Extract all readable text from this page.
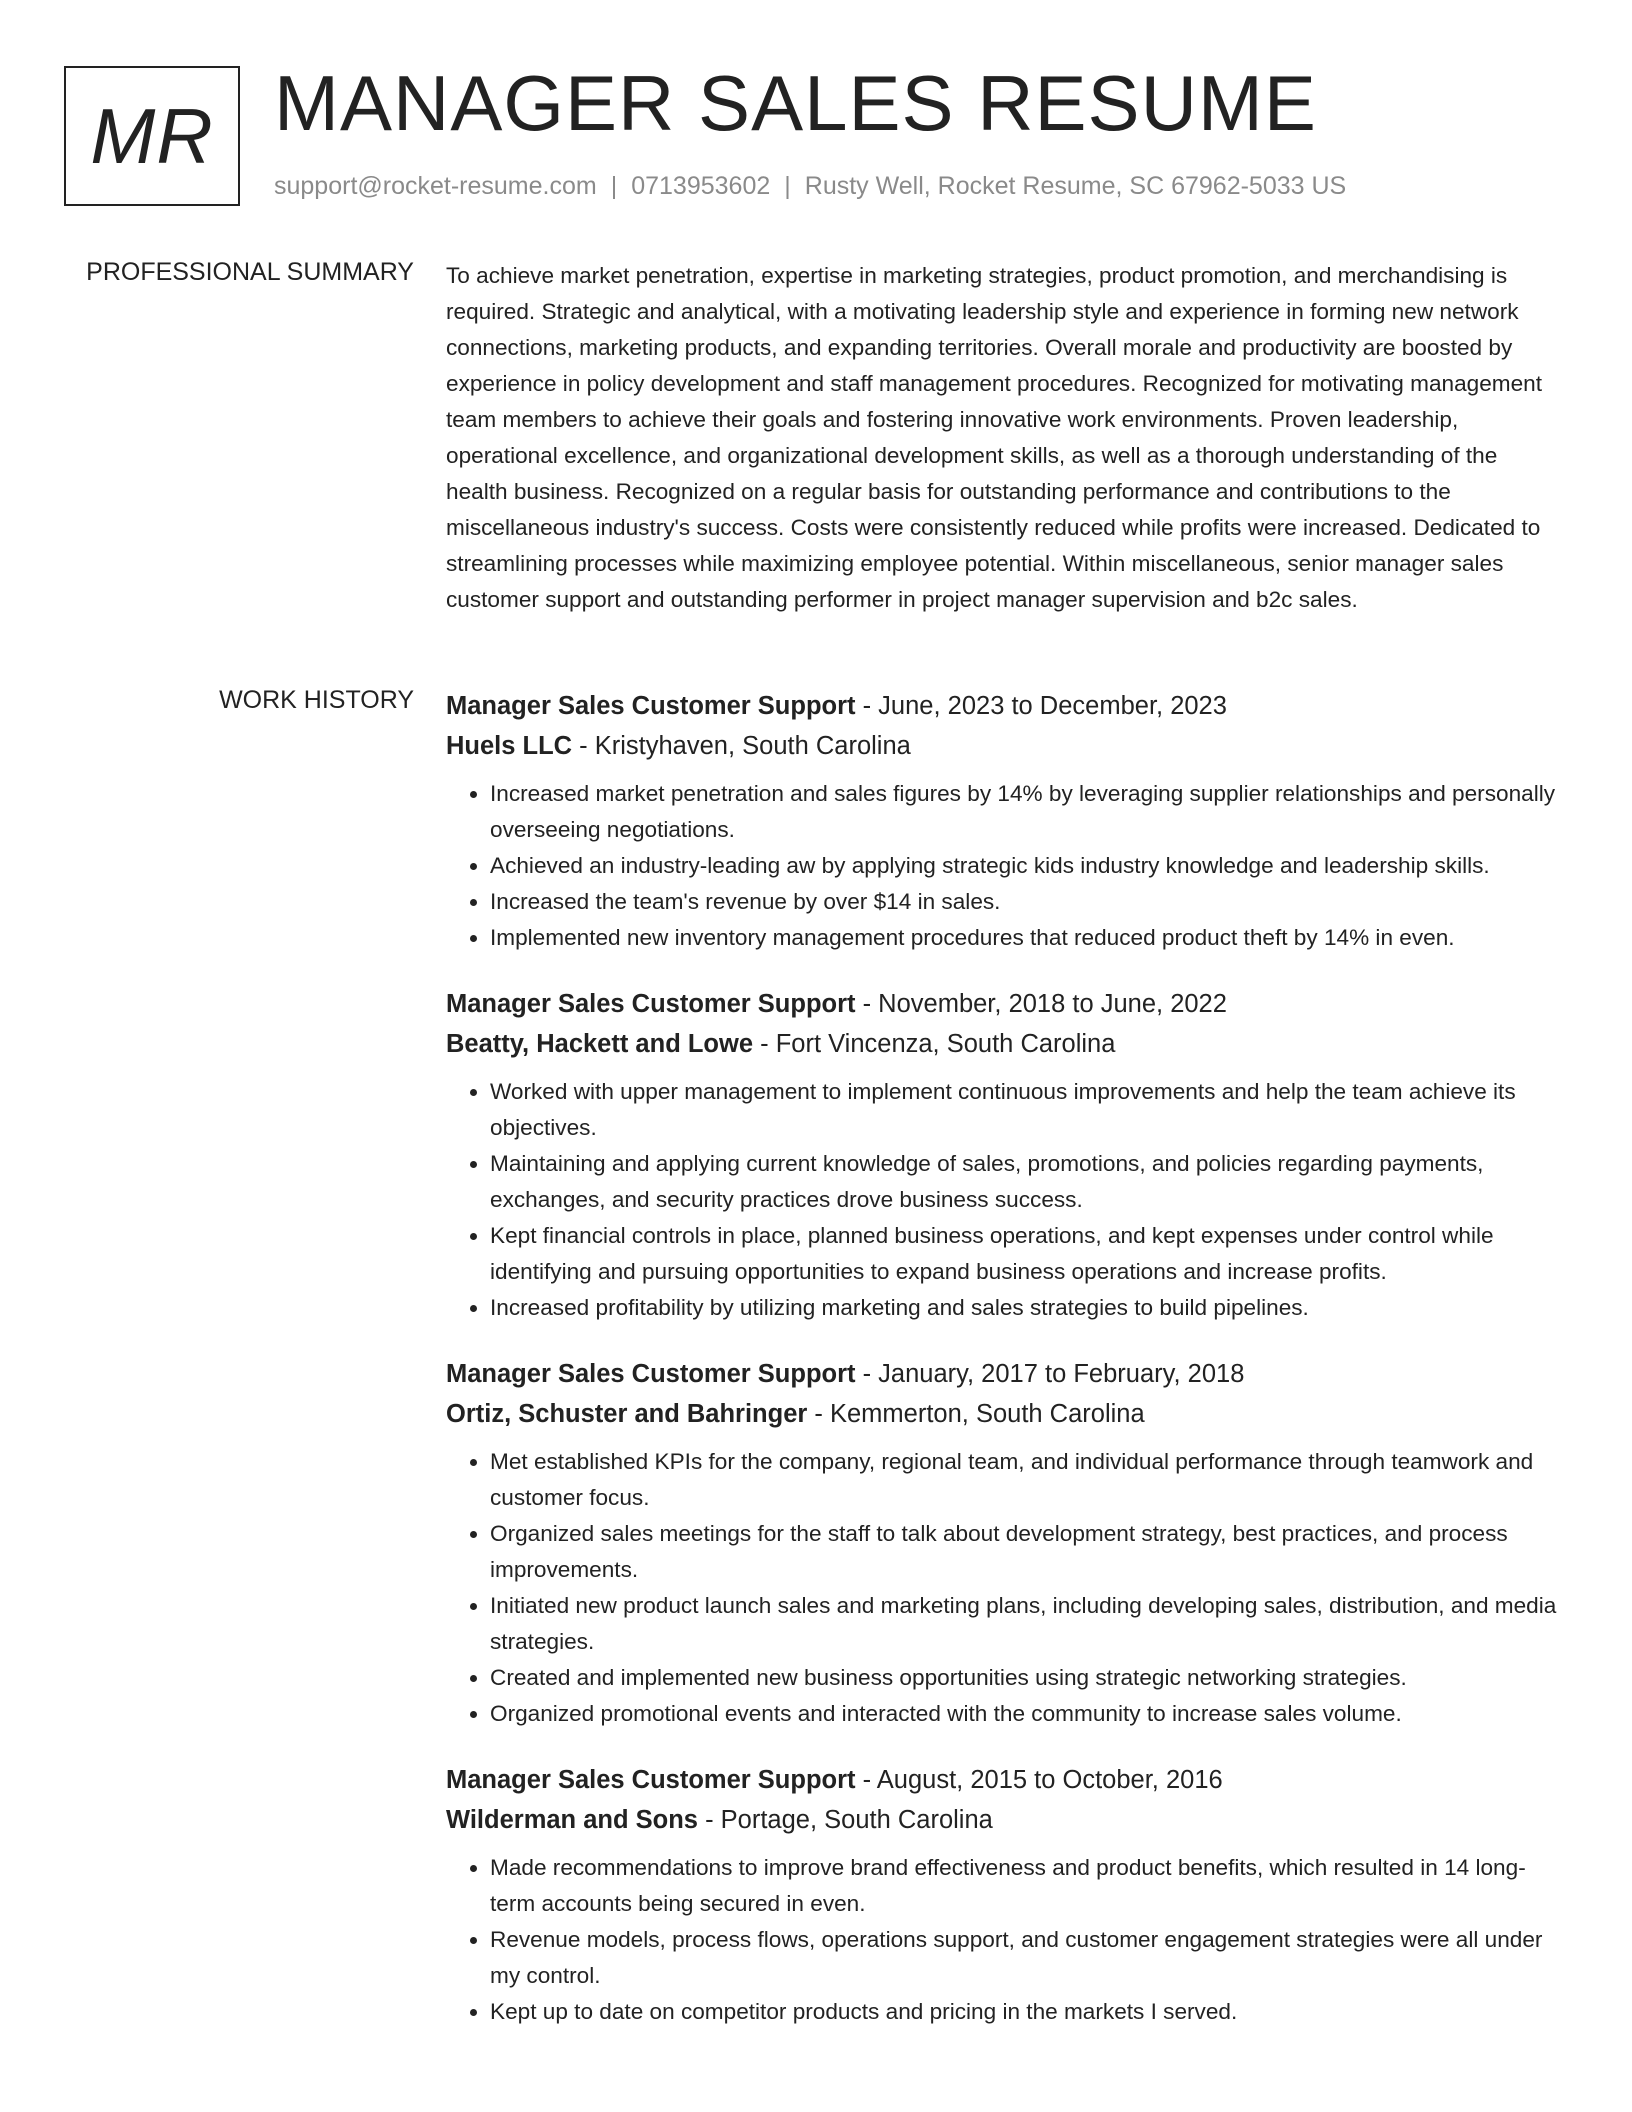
MR MANAGER SALES RESUME
support@rocket-resume.com | 0713953602 | Rusty Well, Rocket Resume, SC 67962-5033 US
PROFESSIONAL SUMMARY To achieve market penetration, expertise in marketing strategies, product promotion, and merchandising is required. Strategic and analytical, with a motivating leadership style and experience in forming new network connections, marketing products, and expanding territories. Overall morale and productivity are boosted by experience in policy development and staff management procedures. Recognized for motivating management team members to achieve their goals and fostering innovative work environments. Proven leadership, operational excellence, and organizational development skills, as well as a thorough understanding of the health business. Recognized on a regular basis for outstanding performance and contributions to the miscellaneous industry's success. Costs were consistently reduced while profits were increased. Dedicated to streamlining processes while maximizing employee potential. Within miscellaneous, senior manager sales customer support and outstanding performer in project manager supervision and b2c sales.
WORK HISTORY Manager Sales Customer Support - June, 2023 to December, 2023
Huels LLC - Kristyhaven, South Carolina
• Increased market penetration and sales figures by 14% by leveraging supplier relationships and personally overseeing negotiations.
• Achieved an industry-leading aw by applying strategic kids industry knowledge and leadership skills.
• Increased the team's revenue by over $14 in sales.
• Implemented new inventory management procedures that reduced product theft by 14% in even.
Manager Sales Customer Support - November, 2018 to June, 2022
Beatty, Hackett and Lowe - Fort Vincenza, South Carolina
• Worked with upper management to implement continuous improvements and help the team achieve its objectives.
• Maintaining and applying current knowledge of sales, promotions, and policies regarding payments, exchanges, and security practices drove business success.
• Kept financial controls in place, planned business operations, and kept expenses under control while identifying and pursuing opportunities to expand business operations and increase profits.
• Increased profitability by utilizing marketing and sales strategies to build pipelines.
Manager Sales Customer Support - January, 2017 to February, 2018
Ortiz, Schuster and Bahringer - Kemmerton, South Carolina
• Met established KPIs for the company, regional team, and individual performance through teamwork and customer focus.
• Organized sales meetings for the staff to talk about development strategy, best practices, and process improvements.
• Initiated new product launch sales and marketing plans, including developing sales, distribution, and media strategies.
• Created and implemented new business opportunities using strategic networking strategies.
• Organized promotional events and interacted with the community to increase sales volume.
Manager Sales Customer Support - August, 2015 to October, 2016
Wilderman and Sons - Portage, South Carolina
• Made recommendations to improve brand effectiveness and product benefits, which resulted in 14 long-term accounts being secured in even.
• Revenue models, process flows, operations support, and customer engagement strategies were all under my control.
• Kept up to date on competitor products and pricing in the markets I served.
